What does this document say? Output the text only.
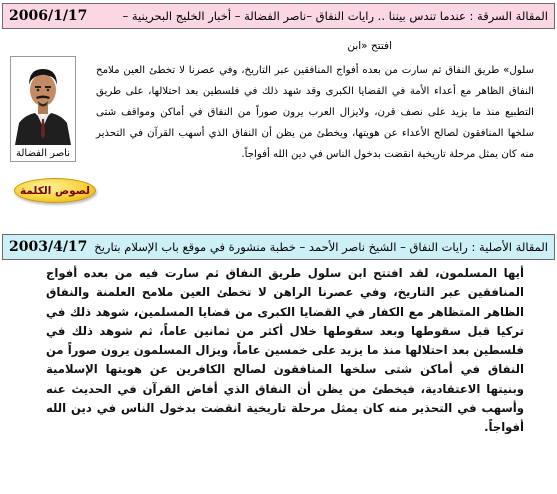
2006/1/17	المقالة السرقة : عندما تندس بيننا .. رايات النفاق –ناصر الفضالة – أخبار الخليج البحرينية –
ناصر الفضالة
لصوص الكلمة
افتتح «ابن
سلول» طريق النفاق ثم سارت من بعده أفواج المنافقين عبر التاريخ، وفي عصرنا لا تخطئ العين ملامح النفاق الظاهر مع أعداء الأمة في القضايا الكبرى وقد شهد ذلك في فلسطين بعد احتلالها، على طريق التطبيع منذ ما يزيد على نصف قرن، ولايزال العرب يرون صوراً من النفاق في أماكن ومواقف شتى سلخها المنافقون لصالح الأعداء عن هويتها، ويخطئ من يظن أن النفاق الذي أسهب القرآن في التحذير منه كان يمثل مرحلة تاريخية انقضت بدخول الناس في دين الله أفواجاً.
2003/4/17 المقالة الأصلية : رايات النفاق – الشيخ ناصر الأحمد – خطبة منشورة في موقع باب الإسلام بتاريخ
أيها المسلمون، لقد افتتح ابن سلول طريق النفاق ثم سارت فيه من بعده أفواج المنافقين عبر التاريخ، وفي عصرنا الراهن لا تخطئ العين ملامح العلمنة والنفاق الظاهر المتظاهر مع الكفار في القضايا الكبرى من قضايا المسلمين، شوهد ذلك في تركيا قبل سقوطها وبعد سقوطها خلال أكثر من ثمانين عاماً، ثم شوهد ذلك في فلسطين بعد احتلالها منذ ما يزيد على خمسين عاماً، ويزال المسلمون يرون صوراً من النفاق في أماكن شتى سلخها المنافقون لصالح الكافرين عن هويتها الإسلامية وبنيتها الاعتقادية، فيخطئ من يظن أن النفاق الذي أفاض القرآن في الحديث عنه وأسهب في التحذير منه كان يمثل مرحلة تاريخية انقضت بدخول الناس في دين الله أفواجاً.
